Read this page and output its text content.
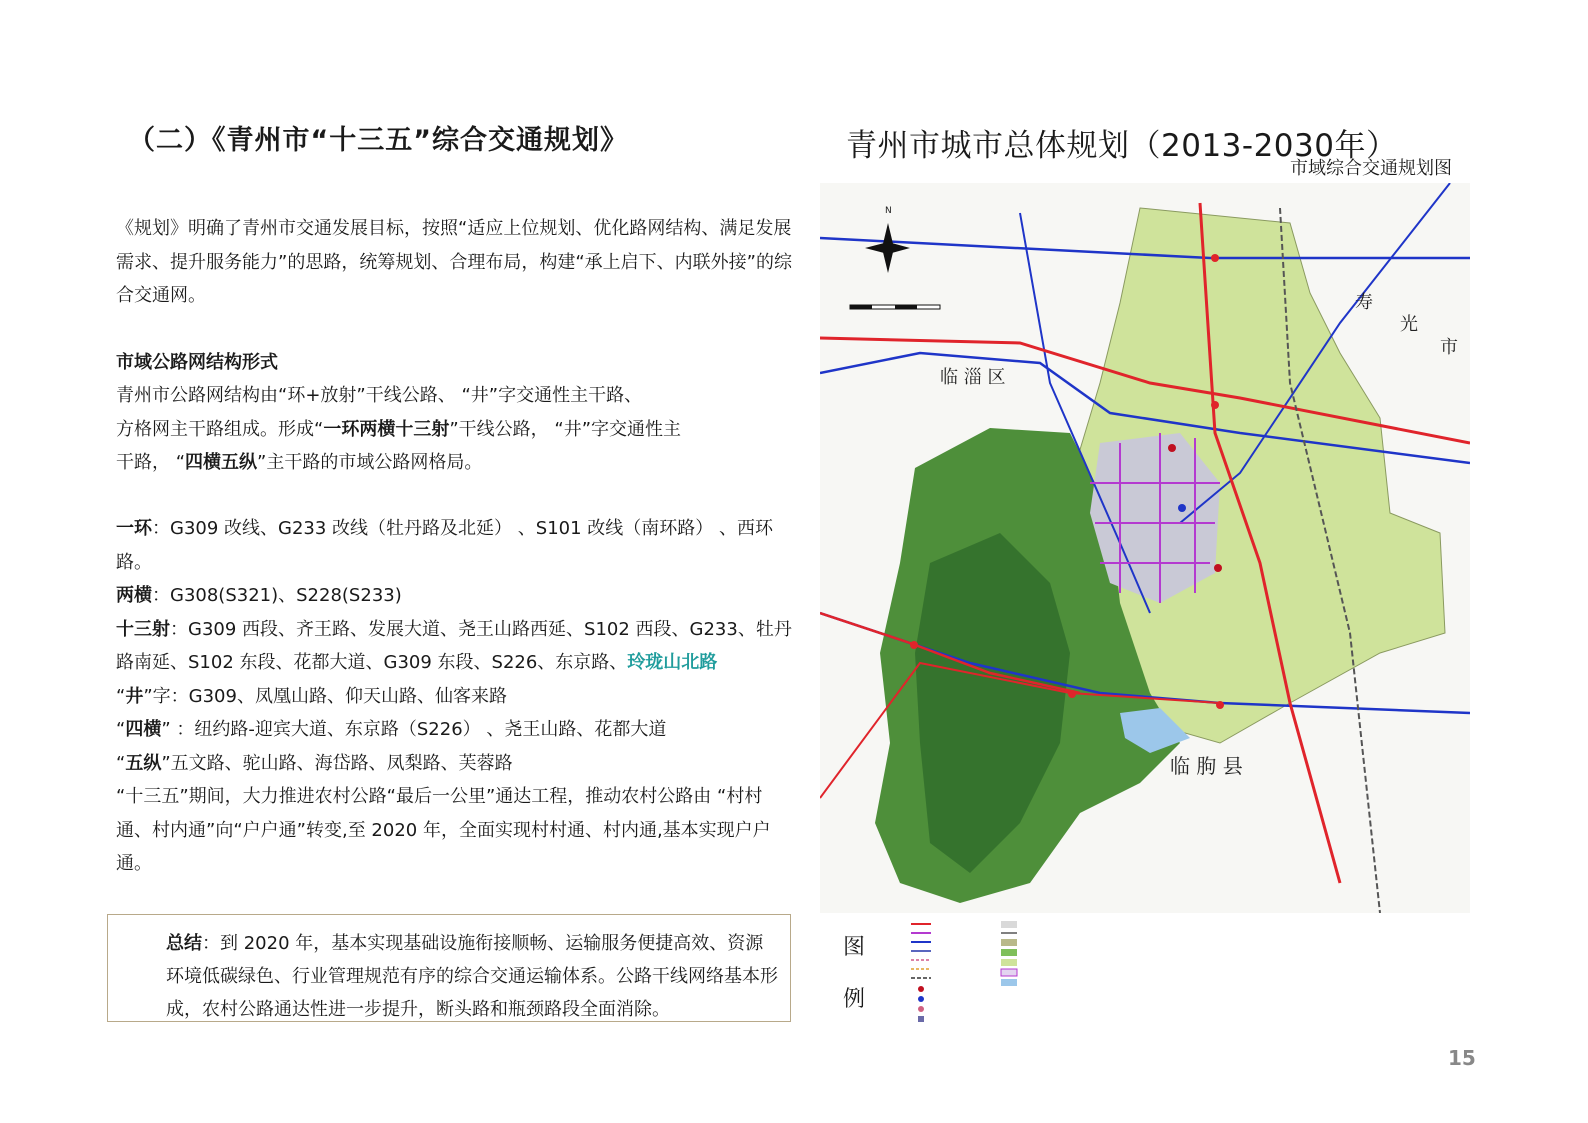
（二）《青州市“十三五”综合交通规划》
《规划》明确了青州市交通发展目标，按照“适应上位规划、优化路网结构、满足发展需求、提升服务能力”的思路，统筹规划、合理布局，构建“承上启下、内联外接”的综合交通网。
市域公路网结构形式
青州市公路网结构由“环+放射”干线公路、 “井”字交通性主干路、
方格网主干路组成。形成“一环两横十三射”干线公路， “井”字交通性主
干路， “四横五纵”主干路的市域公路网格局。
一环：G309 改线、G233 改线（牡丹路及北延） 、S101 改线（南环路） 、西环路。
两横：G308(S321)、S228(S233)
十三射：G309 西段、齐王路、发展大道、尧王山路西延、S102 西段、G233、牡丹路南延、S102 东段、花都大道、G309 东段、S226、东京路、玲珑山北路
“井”字：G309、凤凰山路、仰天山路、仙客来路
“四横” ：纽约路-迎宾大道、东京路（S226） 、尧王山路、花都大道
“五纵”五文路、驼山路、海岱路、凤梨路、芙蓉路
“十三五”期间，大力推进农村公路“最后一公里”通达工程，推动农村公路由 “村村通、村内通”向“户户通”转变,至 2020 年，全面实现村村通、村内通,基本实现户户通。
总结：到 2020 年，基本实现基础设施衔接顺畅、运输服务便捷高效、资源环境低碳绿色、行业管理规范有序的综合交通运输体系。公路干线网络基本形成，农村公路通达性进一步提升，断头路和瓶颈路段全面消除。
青州市城市总体规划（2013-2030年）
市域综合交通规划图
临 淄 区
临 朐 县
寿
光
市
N
图
例
15
